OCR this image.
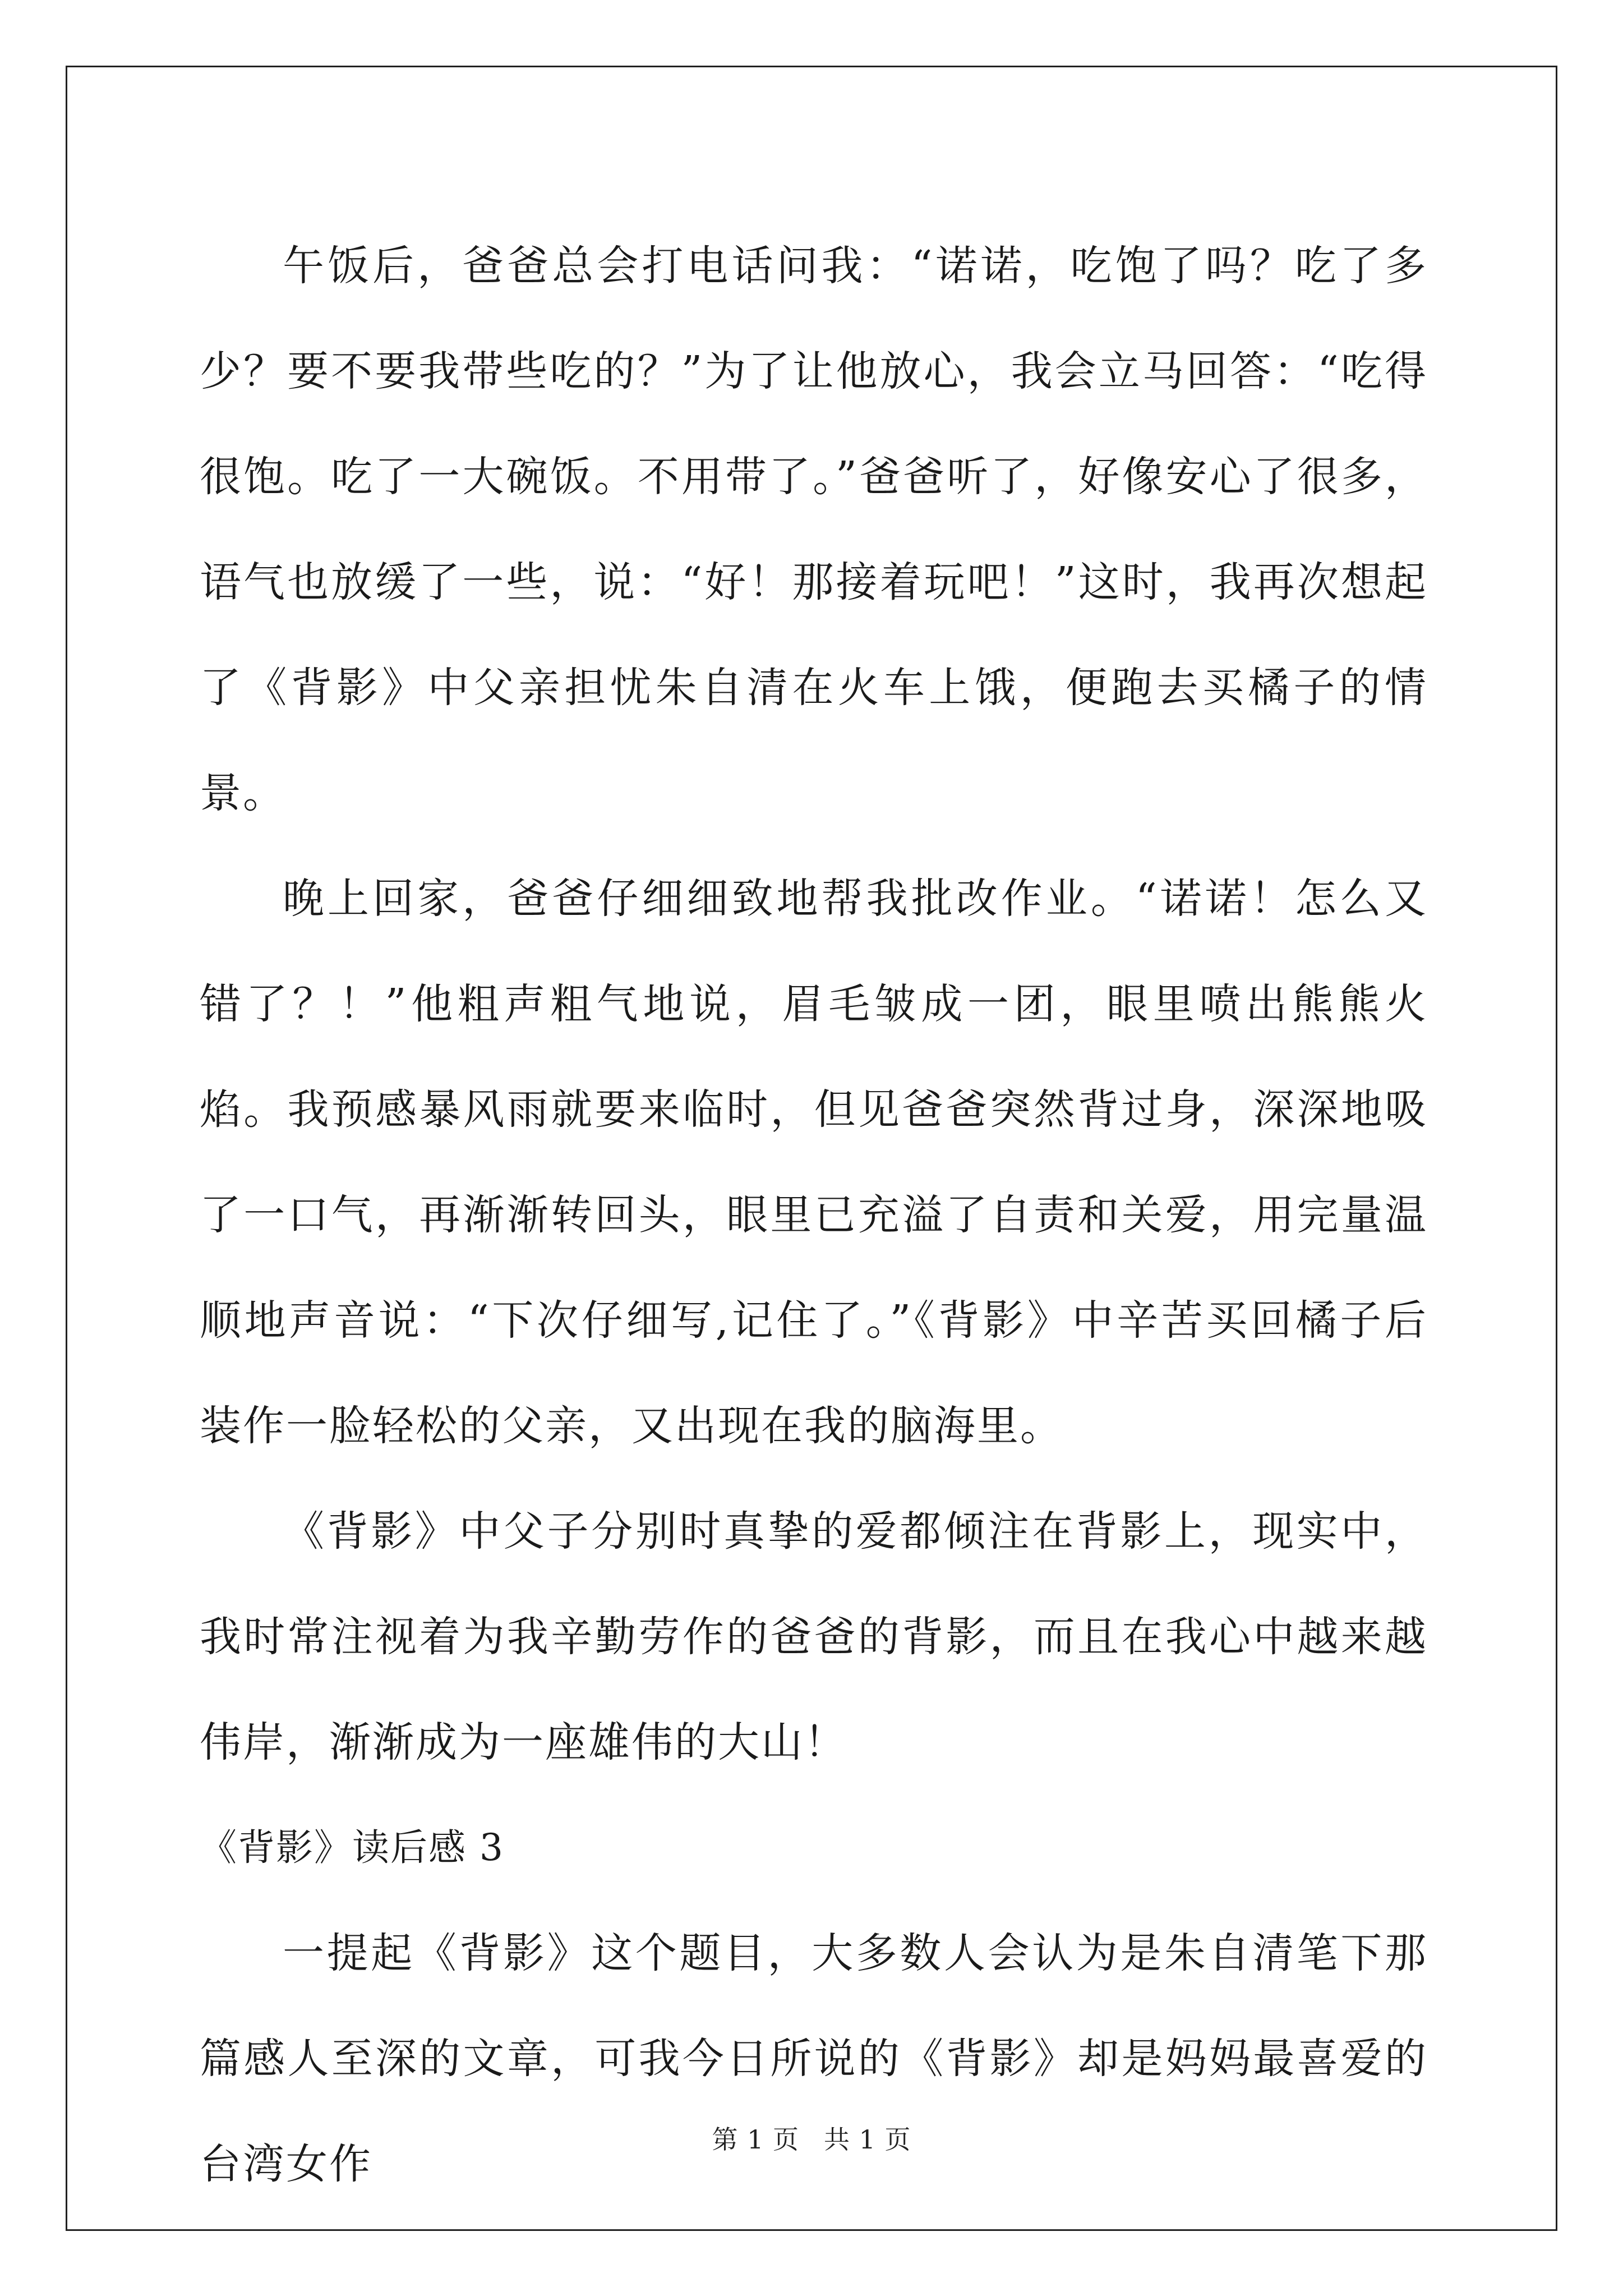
午饭后，爸爸总会打电话问我：“诺诺，吃饱了吗？吃了多少？要不要我带些吃的？”为了让他放心，我会立马回答：“吃得很饱。吃了一大碗饭。不用带了。”爸爸听了，好像安心了很多，语气也放缓了一些，说：“好！那接着玩吧！”这时，我再次想起了《背影》中父亲担忧朱自清在火车上饿，便跑去买橘子的情景。

晚上回家，爸爸仔细细致地帮我批改作业。“诺诺！怎么又错了？！”他粗声粗气地说，眉毛皱成一团，眼里喷出熊熊火焰。我预感暴风雨就要来临时，但见爸爸突然背过身，深深地吸了一口气，再渐渐转回头，眼里已充溢了自责和关爱，用完量温顺地声音说：“下次仔细写,记住了。”《背影》中辛苦买回橘子后装作一脸轻松的父亲，又出现在我的脑海里。

《背影》中父子分别时真挚的爱都倾注在背影上，现实中，我时常注视着为我辛勤劳作的爸爸的背影，而且在我心中越来越伟岸，渐渐成为一座雄伟的大山！

《背影》读后感 3

一提起《背影》这个题目，大多数人会认为是朱自清笔下那篇感人至深的文章，可我今日所说的《背影》却是妈妈最喜爱的台湾女作

第 1 页 共 1 页
